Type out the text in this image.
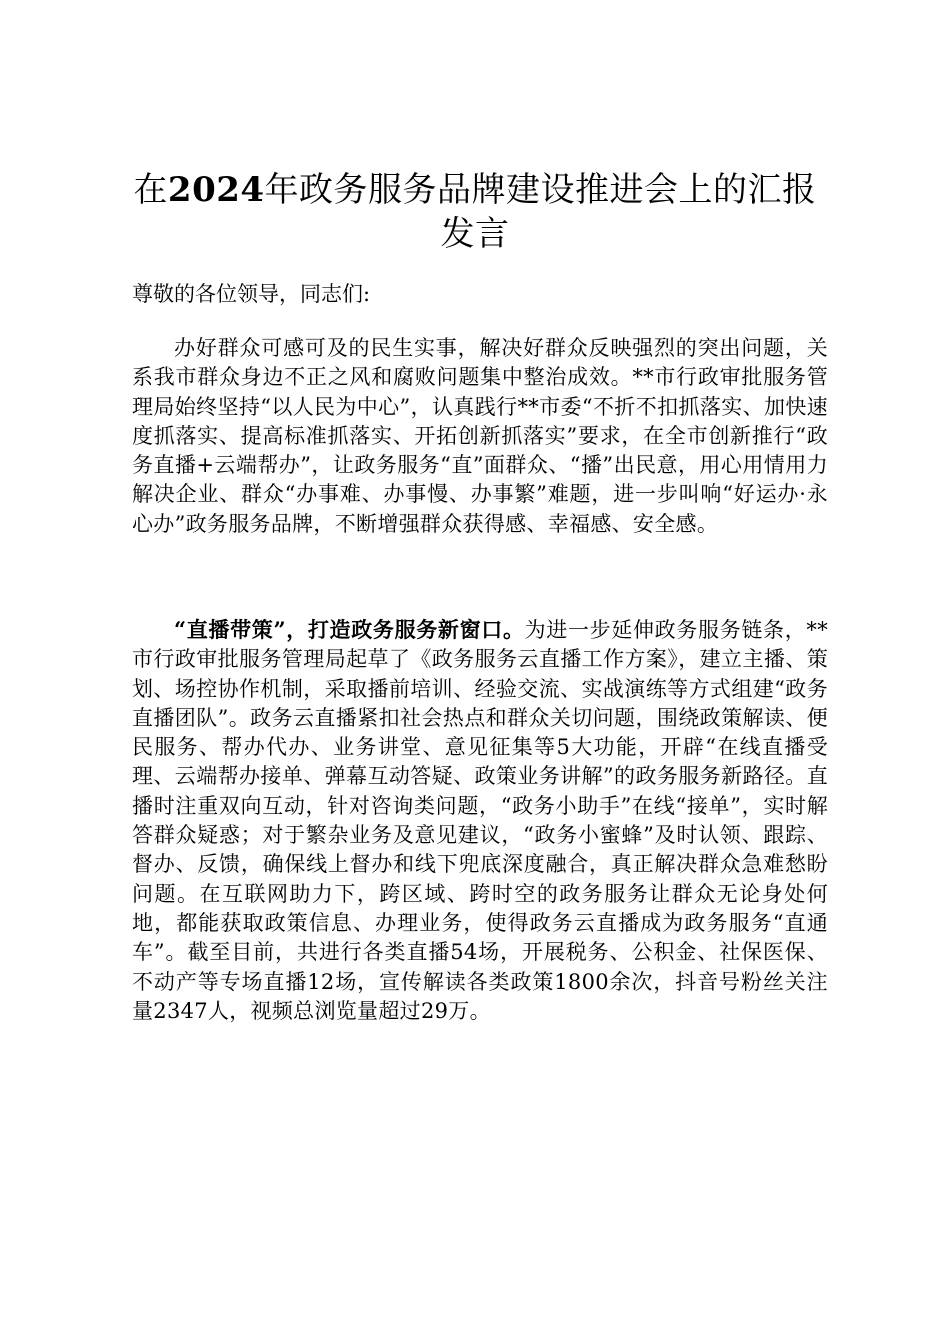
在2024年政务服务品牌建设推进会上的汇报发言

尊敬的各位领导，同志们:

办好群众可感可及的民生实事，解决好群众反映强烈的突出问题，关系我市群众身边不正之风和腐败问题集中整治成效。**市行政审批服务管理局始终坚持“以人民为中心”，认真践行**市委“不折不扣抓落实、加快速度抓落实、提高标准抓落实、开拓创新抓落实”要求，在全市创新推行“政务直播+云端帮办”，让政务服务“直”面群众、“播”出民意，用心用情用力解决企业、群众“办事难、办事慢、办事繁”难题，进一步叫响“好运办·永心办”政务服务品牌，不断增强群众获得感、幸福感、安全感。

“直播带策”，打造政务服务新窗口。为进一步延伸政务服务链条，**市行政审批服务管理局起草了《政务服务云直播工作方案》，建立主播、策划、场控协作机制，采取播前培训、经验交流、实战演练等方式组建“政务直播团队”。政务云直播紧扣社会热点和群众关切问题，围绕政策解读、便民服务、帮办代办、业务讲堂、意见征集等5大功能，开辟“在线直播受理、云端帮办接单、弹幕互动答疑、政策业务讲解”的政务服务新路径。直播时注重双向互动，针对咨询类问题，“政务小助手”在线“接单”，实时解答群众疑惑；对于繁杂业务及意见建议，“政务小蜜蜂”及时认领、跟踪、督办、反馈，确保线上督办和线下兜底深度融合，真正解决群众急难愁盼问题。在互联网助力下，跨区域、跨时空的政务服务让群众无论身处何地，都能获取政策信息、办理业务，使得政务云直播成为政务服务“直通车”。截至目前，共进行各类直播54场，开展税务、公积金、社保医保、不动产等专场直播12场，宣传解读各类政策1800余次，抖音号粉丝关注量2347人，视频总浏览量超过29万。
